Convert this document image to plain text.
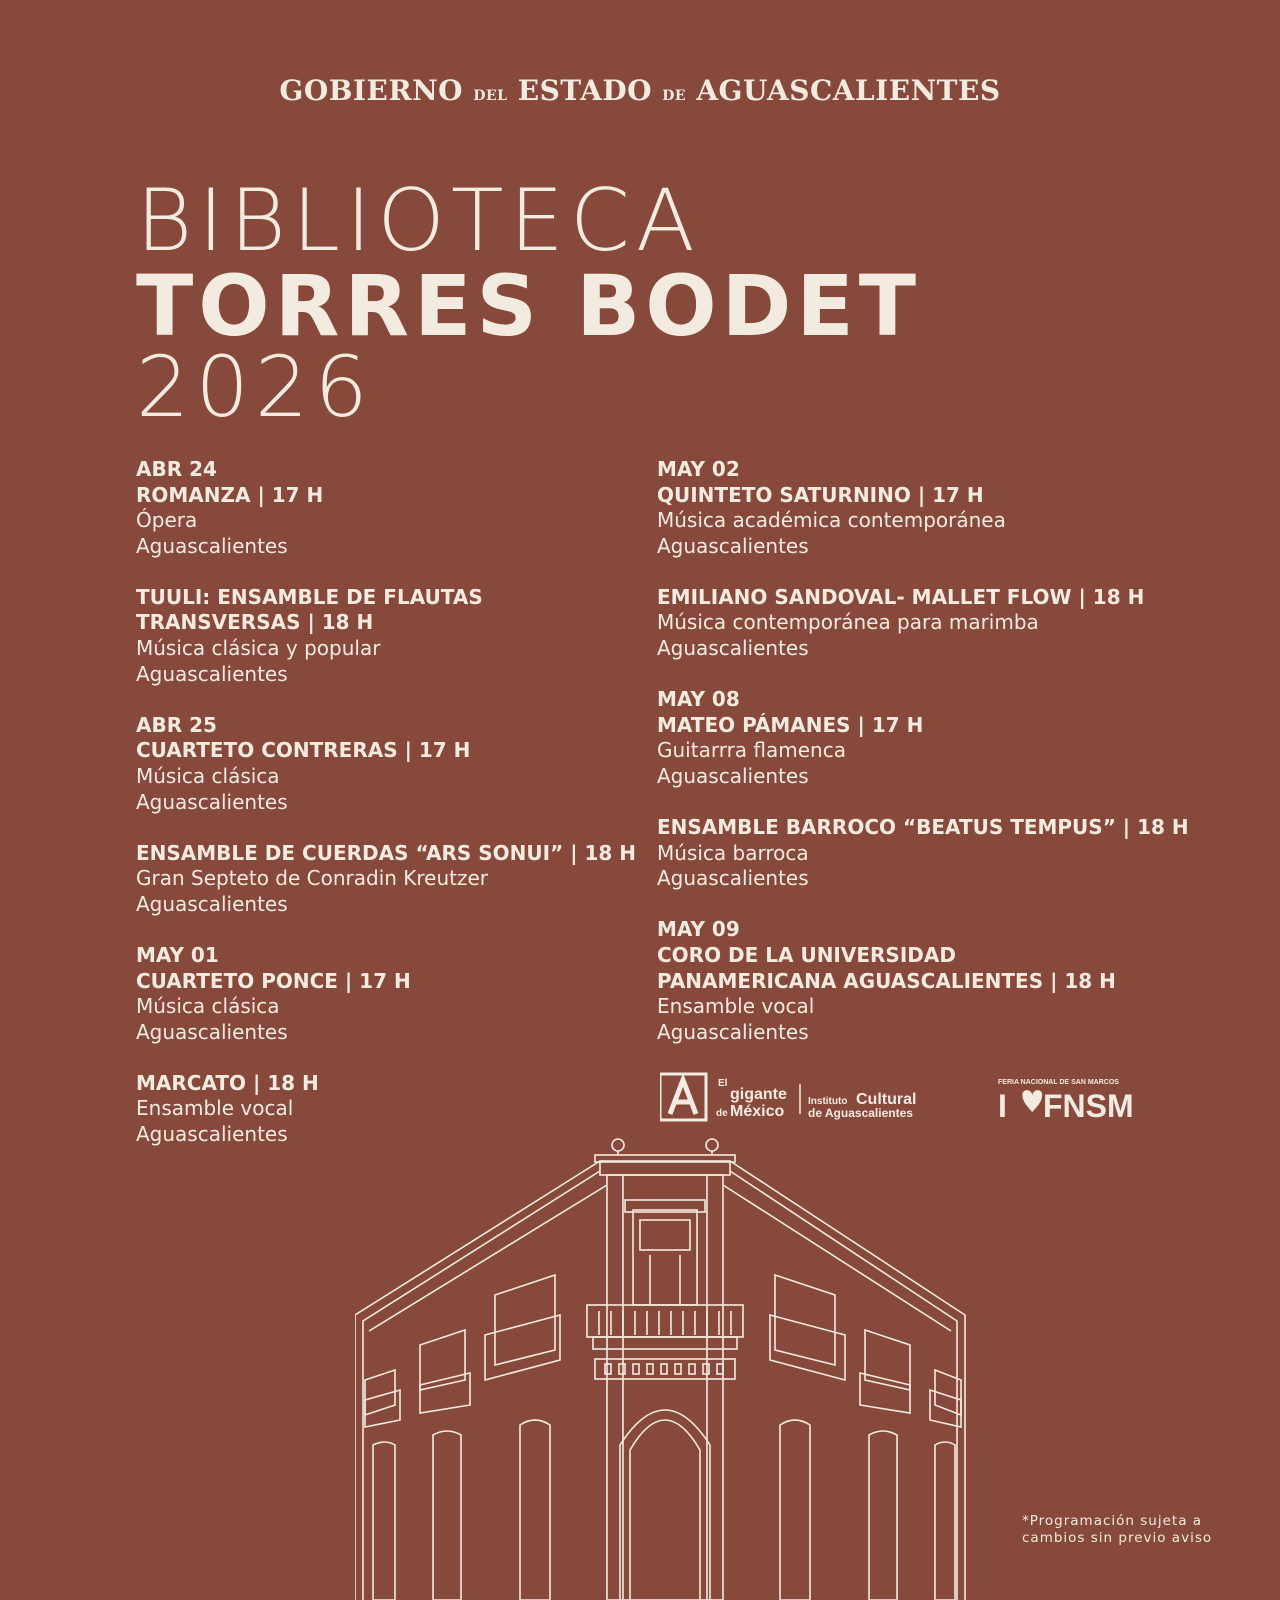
GOBIERNO DEL ESTADO DE AGUASCALIENTES
BIBLIOTECA
TORRES BODET
2026
ABR 24
ROMANZA | 17 H
Ópera
Aguascalientes
TUULI: ENSAMBLE DE FLAUTAS
TRANSVERSAS | 18 H
Música clásica y popular
Aguascalientes
ABR 25
CUARTETO CONTRERAS | 17 H
Música clásica
Aguascalientes
ENSAMBLE DE CUERDAS “ARS SONUI” | 18 H
Gran Septeto de Conradin Kreutzer
Aguascalientes
MAY 01
CUARTETO PONCE | 17 H
Música clásica
Aguascalientes
MARCATO | 18 H
Ensamble vocal
Aguascalientes
MAY 02
QUINTETO SATURNINO | 17 H
Música académica contemporánea
Aguascalientes
EMILIANO SANDOVAL- MALLET FLOW | 18 H
Música contemporánea para marimba
Aguascalientes
MAY 08
MATEO PÁMANES | 17 H
Guitarrra flamenca
Aguascalientes
ENSAMBLE BARROCO “BEATUS TEMPUS” | 18 H
Música barroca
Aguascalientes
MAY 09
CORO DE LA UNIVERSIDAD
PANAMERICANA AGUASCALIENTES | 18 H
Ensamble vocal
Aguascalientes
El
gigante
de México
Instituto Cultural
de Aguascalientes
FERIA NACIONAL DE SAN MARCOS
I FNSM
*Programación sujeta a
cambios sin previo aviso
